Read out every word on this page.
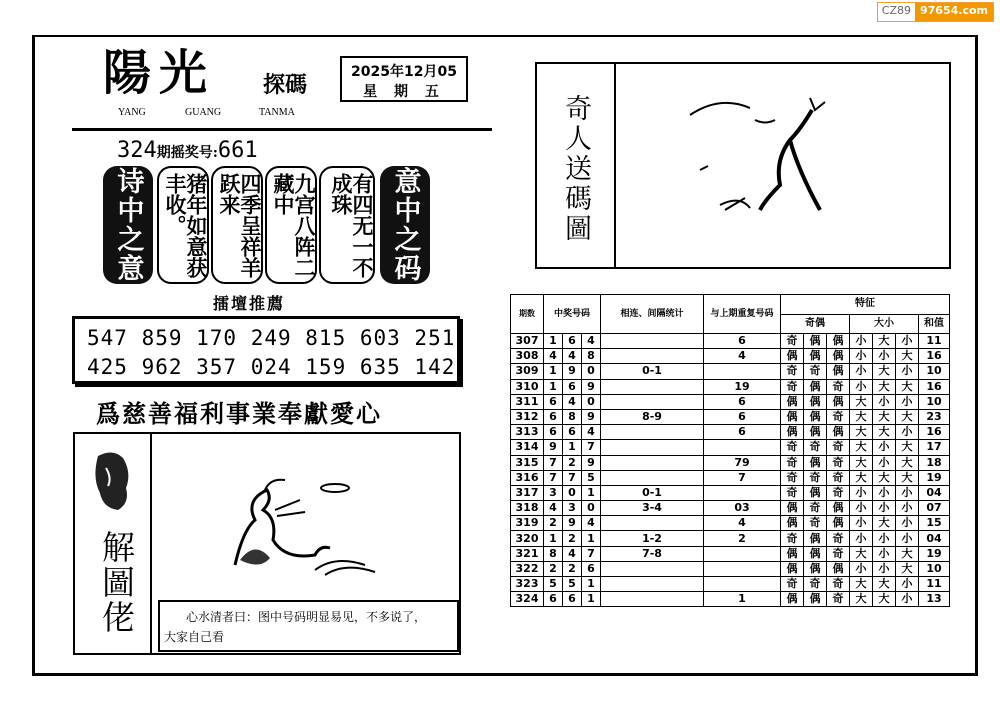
CZ89 97654.com
陽光 探碼
YANG	GUANG	TANMA
2025年12月05
星 期 五
324期摇奖号:661
诗中之意	猪年如意获丰收。	四季呈祥羊跃来	九宫八阵二藏中	有四无一不成珠	意中之码
擂壇推薦
547 859 170 249 815 603 251
425 962 357 024 159 635 142
爲慈善福利事業奉獻愛心
解圖佬	心水清者曰：图中号码明显易见，不多说了，
大家自己看
奇人送碼圖
期数	中奖号码			相连、间隔统计	与上期重复号码	特征						
						奇偶			大小			和值
307	1	6	4		6	奇	偶	偶	小	大	小	11
308	4	4	8		4	偶	偶	偶	小	小	大	16
309	1	9	0	0-1		奇	奇	偶	小	大	小	10
310	1	6	9		19	奇	偶	奇	小	大	大	16
311	6	4	0		6	偶	偶	偶	大	小	小	10
312	6	8	9	8-9	6	偶	偶	奇	大	大	大	23
313	6	6	4		6	偶	偶	偶	大	大	小	16
314	9	1	7			奇	奇	奇	大	小	大	17
315	7	2	9		79	奇	偶	奇	大	小	大	18
316	7	7	5		7	奇	奇	奇	大	大	大	19
317	3	0	1	0-1		奇	偶	奇	小	小	小	04
318	4	3	0	3-4	03	偶	奇	偶	小	小	小	07
319	2	9	4		4	偶	奇	偶	小	大	小	15
320	1	2	1	1-2	2	奇	偶	奇	小	小	小	04
321	8	4	7	7-8		偶	偶	奇	大	小	大	19
322	2	2	6			偶	偶	偶	小	小	大	10
323	5	5	1			奇	奇	奇	大	大	小	11
324	6	6	1		1	偶	偶	奇	大	大	小	13
